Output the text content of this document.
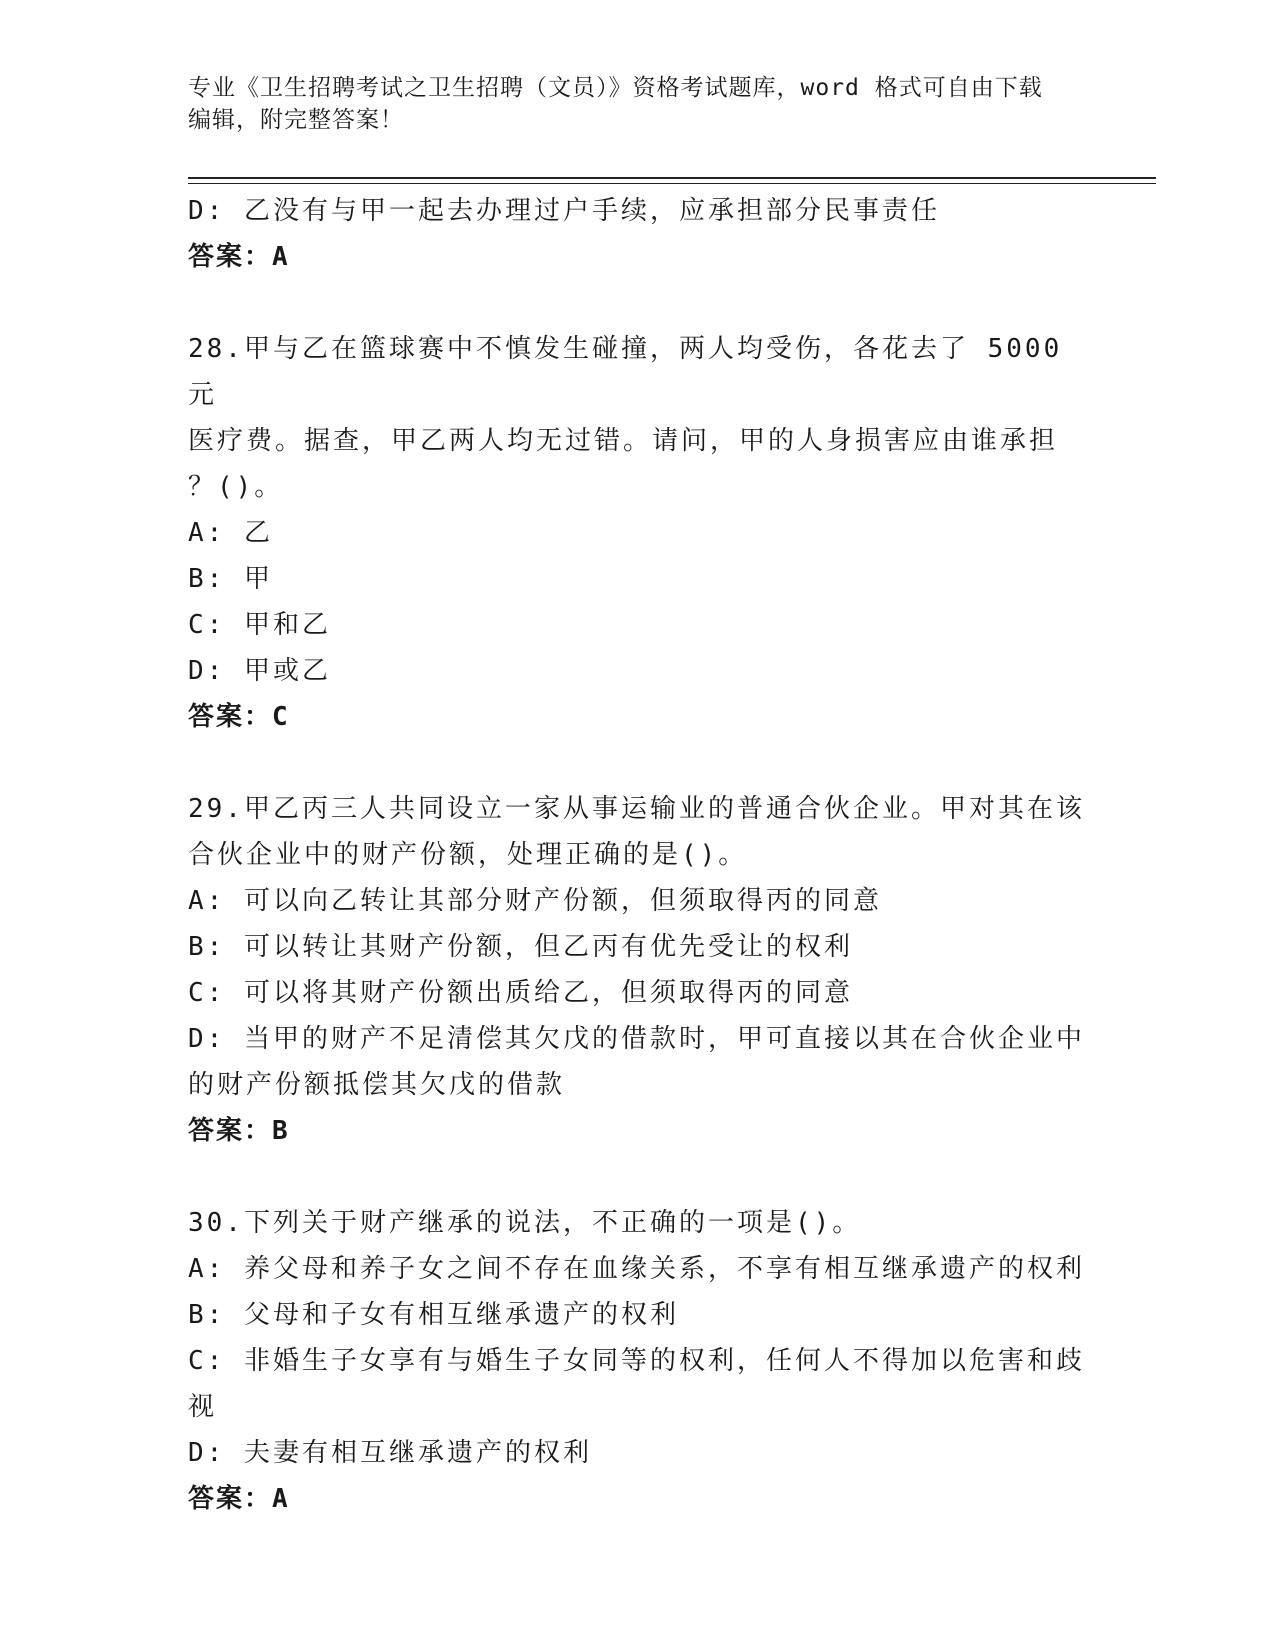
专业《卫生招聘考试之卫生招聘（文员）》资格考试题库，word 格式可自由下载
编辑，附完整答案！
D: 乙没有与甲一起去办理过户手续，应承担部分民事责任
答案：A
28.甲与乙在篮球赛中不慎发生碰撞，两人均受伤，各花去了 5000 元
医疗费。据查，甲乙两人均无过错。请问，甲的人身损害应由谁承担
？()。
A: 乙
B: 甲
C: 甲和乙
D: 甲或乙
答案：C
29.甲乙丙三人共同设立一家从事运输业的普通合伙企业。甲对其在该
合伙企业中的财产份额，处理正确的是()。
A: 可以向乙转让其部分财产份额，但须取得丙的同意
B: 可以转让其财产份额，但乙丙有优先受让的权利
C: 可以将其财产份额出质给乙，但须取得丙的同意
D: 当甲的财产不足清偿其欠戊的借款时，甲可直接以其在合伙企业中
的财产份额抵偿其欠戊的借款
答案：B
30.下列关于财产继承的说法，不正确的一项是()。
A: 养父母和养子女之间不存在血缘关系，不享有相互继承遗产的权利
B: 父母和子女有相互继承遗产的权利
C: 非婚生子女享有与婚生子女同等的权利，任何人不得加以危害和歧
视
D: 夫妻有相互继承遗产的权利
答案：A
